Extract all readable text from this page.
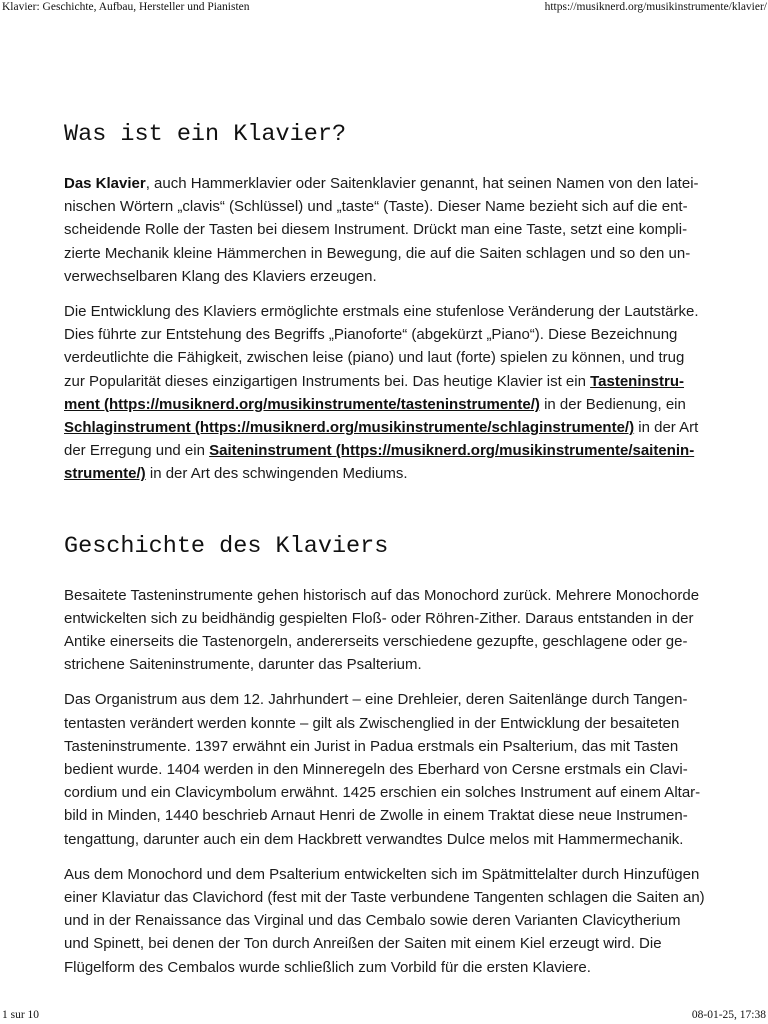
Klavier: Geschichte, Aufbau, Hersteller und Pianisten	https://musiknerd.org/musikinstrumente/klavier/
Was ist ein Klavier?

Das Klavier, auch Hammerklavier oder Saitenklavier genannt, hat seinen Namen von den lateinischen Wörtern „clavis“ (Schlüssel) und „taste“ (Taste). Dieser Name bezieht sich auf die entscheidende Rolle der Tasten bei diesem Instrument. Drückt man eine Taste, setzt eine komplizierte Mechanik kleine Hämmerchen in Bewegung, die auf die Saiten schlagen und so den unverwechselbaren Klang des Klaviers erzeugen.

Die Entwicklung des Klaviers ermöglichte erstmals eine stufenlose Veränderung der Lautstärke. Dies führte zur Entstehung des Begriffs „Pianoforte“ (abgekürzt „Piano“). Diese Bezeichnung verdeutlichte die Fähigkeit, zwischen leise (piano) und laut (forte) spielen zu können, und trug zur Popularität dieses einzigartigen Instruments bei. Das heutige Klavier ist ein Tasteninstrument (https://musiknerd.org/musikinstrumente/tasteninstrumente/) in der Bedienung, ein Schlaginstrument (https://musiknerd.org/musikinstrumente/schlaginstrumente/) in der Art der Erregung und ein Saiteninstrument (https://musiknerd.org/musikinstrumente/saiteninstrumente/) in der Art des schwingenden Mediums.

Geschichte des Klaviers

Besaitete Tasteninstrumente gehen historisch auf das Monochord zurück. Mehrere Monochorde entwickelten sich zu beidhändig gespielten Floß- oder Röhren-Zither. Daraus entstanden in der Antike einerseits die Tastenorgeln, andererseits verschiedene gezupfte, geschlagene oder gestrichene Saiteninstrumente, darunter das Psalterium.

Das Organistrum aus dem 12. Jahrhundert – eine Drehleier, deren Saitenlänge durch Tangententasten verändert werden konnte – gilt als Zwischenglied in der Entwicklung der besaiteten Tasteninstrumente. 1397 erwähnt ein Jurist in Padua erstmals ein Psalterium, das mit Tasten bedient wurde. 1404 werden in den Minneregeln des Eberhard von Cersne erstmals ein Clavicordium und ein Clavicymbolum erwähnt. 1425 erschien ein solches Instrument auf einem Altarbild in Minden, 1440 beschrieb Arnaut Henri de Zwolle in einem Traktat diese neue Instrumentengattung, darunter auch ein dem Hackbrett verwandtes Dulce melos mit Hammermechanik.

Aus dem Monochord und dem Psalterium entwickelten sich im Spätmittelalter durch Hinzufügen einer Klaviatur das Clavichord (fest mit der Taste verbundene Tangenten schlagen die Saiten an) und in der Renaissance das Virginal und das Cembalo sowie deren Varianten Clavicytherium und Spinett, bei denen der Ton durch Anreißen der Saiten mit einem Kiel erzeugt wird. Die Flügelform des Cembalos wurde schließlich zum Vorbild für die ersten Klaviere.

1 sur 10	08-01-25, 17:38
